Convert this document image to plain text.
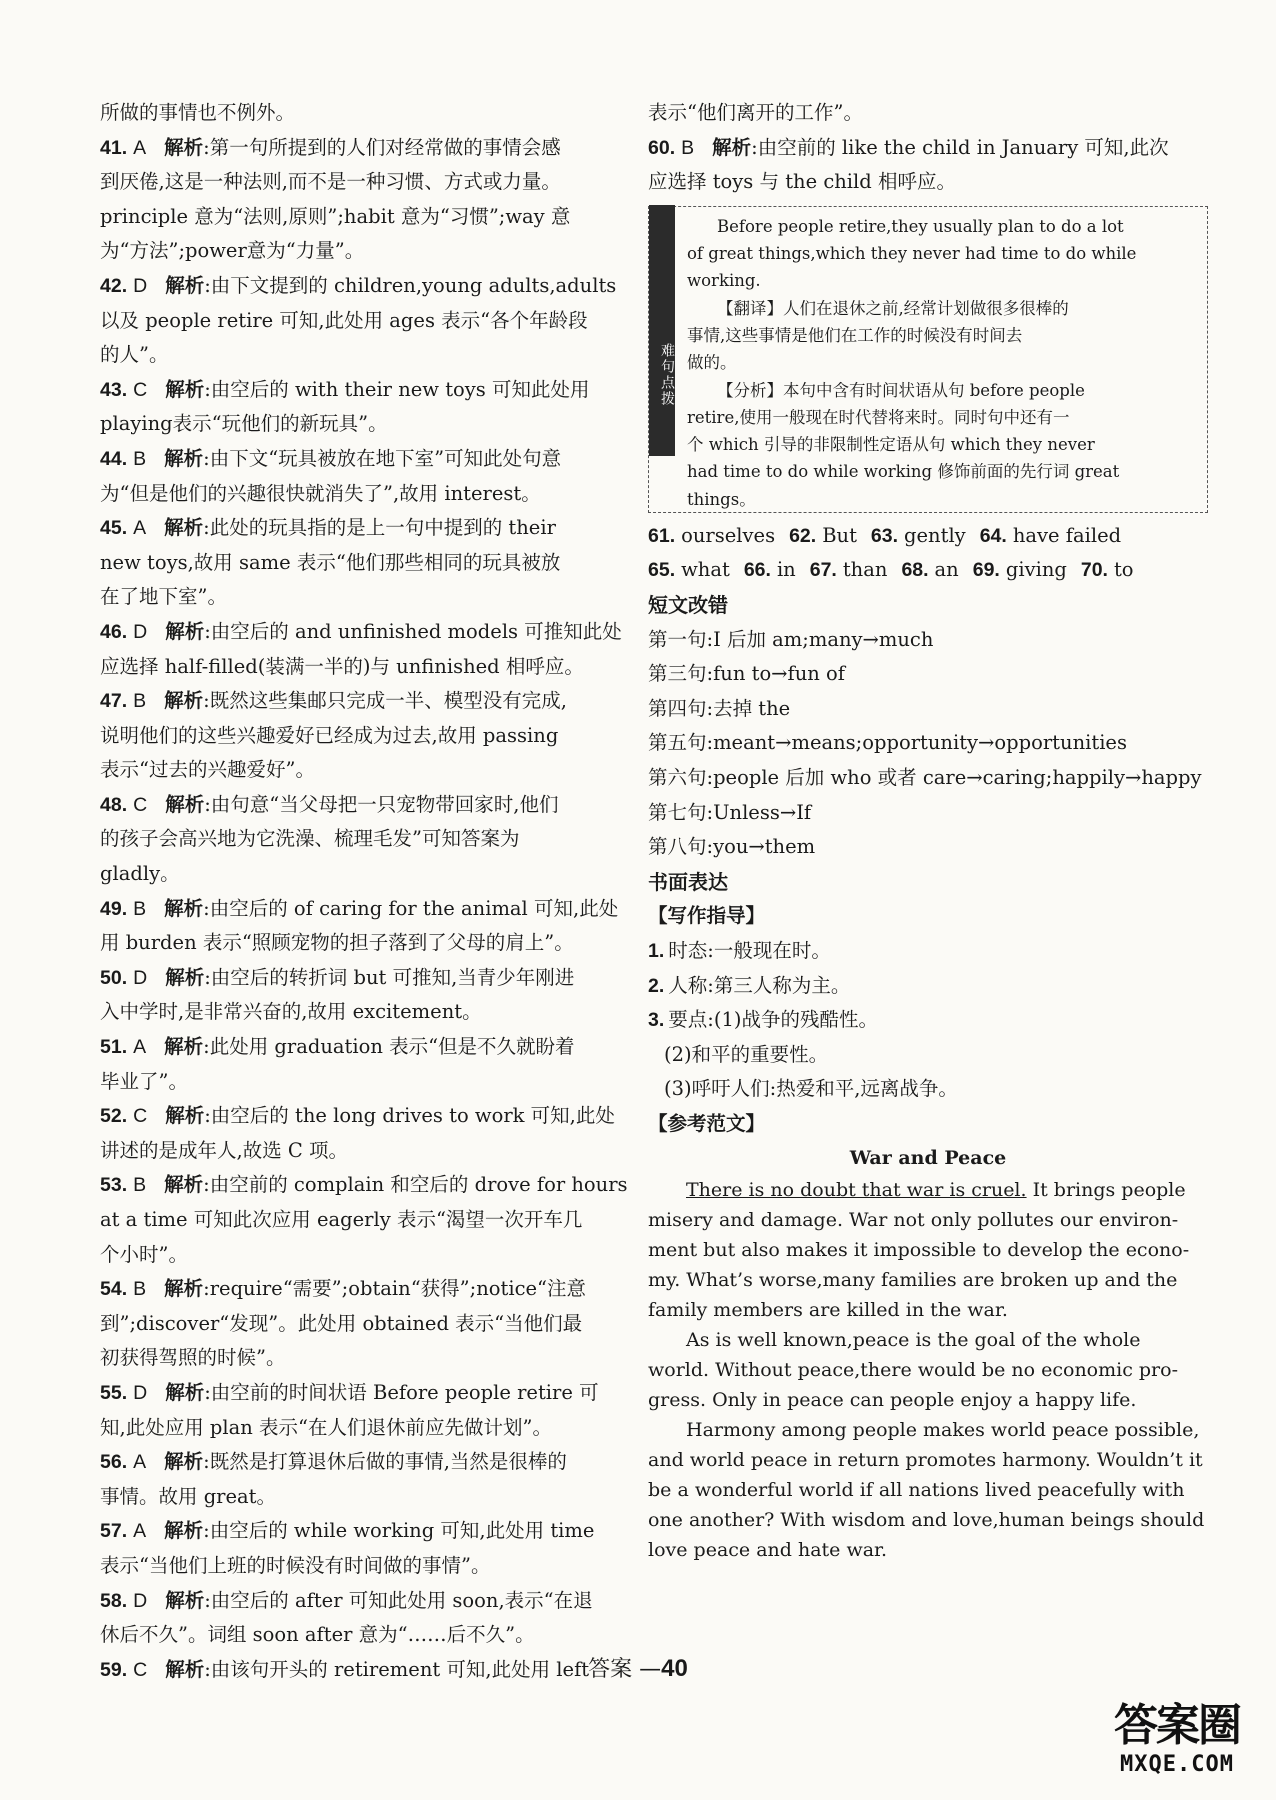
所做的事情也不例外。
41. A 解析:第一句所提到的人们对经常做的事情会感
到厌倦,这是一种法则,而不是一种习惯、方式或力量。
principle 意为“法则,原则”;habit 意为“习惯”;way 意
为“方法”;power意为“力量”。
42. D 解析:由下文提到的 children,young adults,adults
以及 people retire 可知,此处用 ages 表示“各个年龄段
的人”。
43. C 解析:由空后的 with their new toys 可知此处用
playing表示“玩他们的新玩具”。
44. B 解析:由下文“玩具被放在地下室”可知此处句意
为“但是他们的兴趣很快就消失了”,故用 interest。
45. A 解析:此处的玩具指的是上一句中提到的 their
new toys,故用 same 表示“他们那些相同的玩具被放
在了地下室”。
46. D 解析:由空后的 and unfinished models 可推知此处
应选择 half-filled(装满一半的)与 unfinished 相呼应。
47. B 解析:既然这些集邮只完成一半、模型没有完成,
说明他们的这些兴趣爱好已经成为过去,故用 passing
表示“过去的兴趣爱好”。
48. C 解析:由句意“当父母把一只宠物带回家时,他们
的孩子会高兴地为它洗澡、梳理毛发”可知答案为
gladly。
49. B 解析:由空后的 of caring for the animal 可知,此处
用 burden 表示“照顾宠物的担子落到了父母的肩上”。
50. D 解析:由空后的转折词 but 可推知,当青少年刚进
入中学时,是非常兴奋的,故用 excitement。
51. A 解析:此处用 graduation 表示“但是不久就盼着
毕业了”。
52. C 解析:由空后的 the long drives to work 可知,此处
讲述的是成年人,故选 C 项。
53. B 解析:由空前的 complain 和空后的 drove for hours
at a time 可知此次应用 eagerly 表示“渴望一次开车几
个小时”。
54. B 解析:require“需要”;obtain“获得”;notice“注意
到”;discover“发现”。此处用 obtained 表示“当他们最
初获得驾照的时候”。
55. D 解析:由空前的时间状语 Before people retire 可
知,此处应用 plan 表示“在人们退休前应先做计划”。
56. A 解析:既然是打算退休后做的事情,当然是很棒的
事情。故用 great。
57. A 解析:由空后的 while working 可知,此处用 time
表示“当他们上班的时候没有时间做的事情”。
58. D 解析:由空后的 after 可知此处用 soon,表示“在退
休后不久”。词组 soon after 意为“……后不久”。
59. C 解析:由该句开头的 retirement 可知,此处用 left
表示“他们离开的工作”。
60. B 解析:由空前的 like the child in January 可知,此次
应选择 toys 与 the child 相呼应。
难句点拨
Before people retire,they usually plan to do a lot
of great things,which they never had time to do while
working.
【翻译】人们在退休之前,经常计划做很多很棒的
事情,这些事情是他们在工作的时候没有时间去
做的。
【分析】本句中含有时间状语从句 before people
retire,使用一般现在时代替将来时。同时句中还有一
个 which 引导的非限制性定语从句 which they never
had time to do while working 修饰前面的先行词 great
things。
61. ourselves 62. But 63. gently 64. have failed
65. what 66. in 67. than 68. an 69. giving 70. to
短文改错
第一句:I 后加 am;many→much
第三句:fun to→fun of
第四句:去掉 the
第五句:meant→means;opportunity→opportunities
第六句:people 后加 who 或者 care→caring;happily→happy
第七句:Unless→If
第八句:you→them
书面表达
【写作指导】
1. 时态:一般现在时。
2. 人称:第三人称为主。
3. 要点:(1)战争的残酷性。
(2)和平的重要性。
(3)呼吁人们:热爱和平,远离战争。
【参考范文】
War and Peace
There is no doubt that war is cruel. It brings people
misery and damage. War not only pollutes our environ-
ment but also makes it impossible to develop the econo-
my. What’s worse,many families are broken up and the
family members are killed in the war.
As is well known,peace is the goal of the whole
world. Without peace,there would be no economic pro-
gress. Only in peace can people enjoy a happy life.
Harmony among people makes world peace possible,
and world peace in return promotes harmony. Wouldn’t it
be a wonderful world if all nations lived peacefully with
one another? With wisdom and love,human beings should
love peace and hate war.
答案 —40
答案圈
MXQE.COM
